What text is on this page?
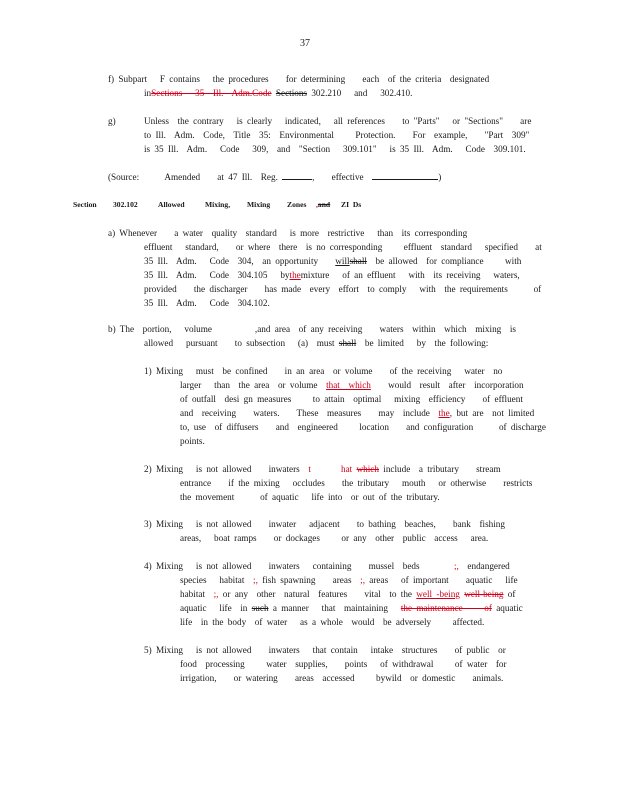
37
f) Subpart   F contains   the procedures    for determining    each  of the criteria  designated
inSections   35  Ill.  Adm.Code Sections 302.210   and   302.410.
g)	Unless  the contrary   is clearly   indicated,   all references    to "Parts"   or "Sections"    are
to Ill.  Adm.  Code,  Title  35:  Environmental     Protection.    For  example,    "Part  309"
is 35 Ill.  Adm.   Code   309,  and  "Section   309.101"   is 35 Ill.  Adm.   Code  309.101.
(Source:      Amended    at 47 Ill.  Reg.	,    effective	)
Section 302.102	Allowed	Mixing, Mixing Zones ,and ZI  Ds
a) Whenever    a water  quality  standard   is more  restrictive   than  its corresponding
effluent   standard,    or where  there  is no corresponding     effluent  standard   specified    at
35 Ill.  Adm.   Code  304,  an opportunity    willshall  be allowed  for compliance     with
35 Ill.  Adm.   Code  304.105   bythemixture   of an effluent   with  its receiving   waters,
provided    the discharger    has made  every  effort  to comply   with  the requirements      of
35 Ill.  Adm.   Code  304.102.
b) The  portion,   volume          ,and area  of any receiving    waters  within  which  mixing  is
allowed   pursuant    to subsection   (a)  must shall  be limited   by  the following:
1) Mixing   must  be confined    in an area  or volume    of the receiving   water  no
larger   than  the area  or volume  that  which    would  result  after  incorporation
of outfall  desi gn measures     to attain  optimal   mixing  efficiency    of effluent
and  receiving    waters.    These  measures    may  include  the, but are  not limited
to, use  of diffusers    and  engineered     location    and configuration      of discharge
points.
2) Mixing   is not allowed    inwaters  t       hat which include  a tributary    stream
entrance    if the mixing   occludes    the tributary   mouth   or otherwise    restricts
the movement      of aquatic   life into  or out of the tributary.
3) Mixing   is not allowed    inwater   adjacent    to bathing  beaches,    bank  fishing
areas,   boat ramps    or dockages     or any  other  public  access   area.
4) Mixing   is not allowed    inwaters   containing    mussel  beds        ;,  endangered
species   habitat  ;, fish spawning    areas  ;, areas   of important    aquatic   life
habitat  ;, or any  other  natural  features    vital  to the well -being well-being of
aquatic   life  in such a manner   that  maintaining   the maintenance     of aquatic
life  in the body  of water   as a whole  would  be adversely     affected.
5) Mixing   is not allowed    inwaters   that contain   intake  structures    of public  or
food  processing     water  supplies,    points   of withdrawal     of water  for
irrigation,    or watering    areas  accessed     bywild  or domestic    animals.
